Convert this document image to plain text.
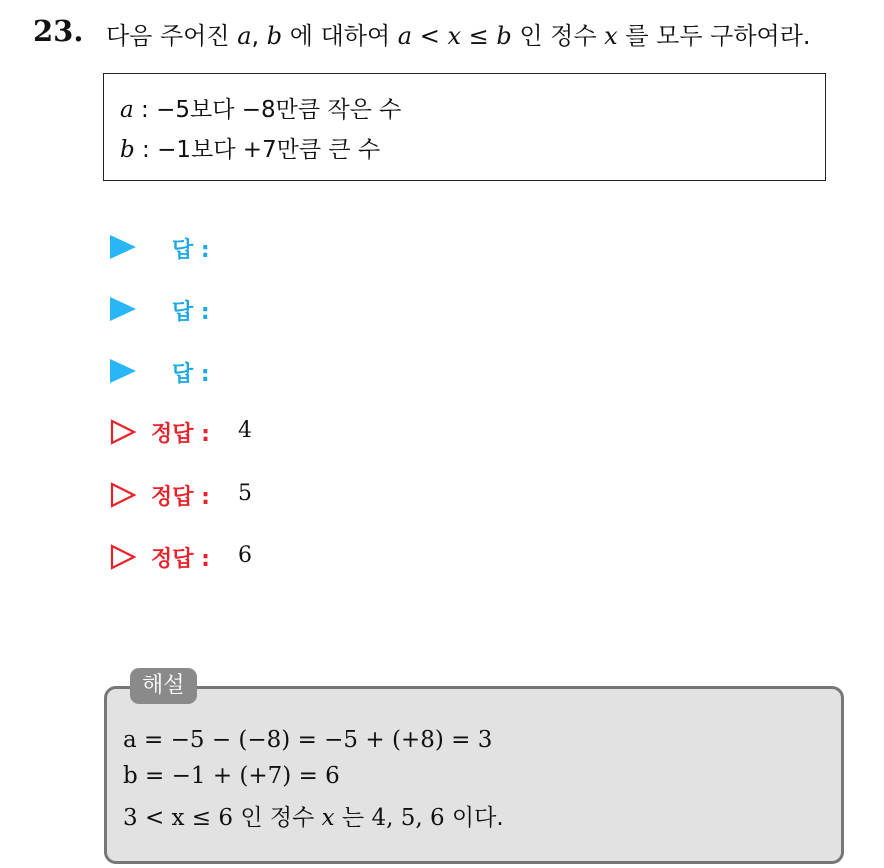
23. 다음 주어진 a, b 에 대하여 a < x ≤ b 인 정수 x 를 모두 구하여라.
a : −5보다 −8만큼 작은 수
b : −1보다 +7만큼 큰 수
답 :
답 :
답 :
정답 : 4
정답 : 5
정답 : 6
a = −5 − (−8) = −5 + (+8) = 3
b = −1 + (+7) = 6
3 < x ≤ 6 인 정수 x 는 4, 5, 6 이다.
해설
